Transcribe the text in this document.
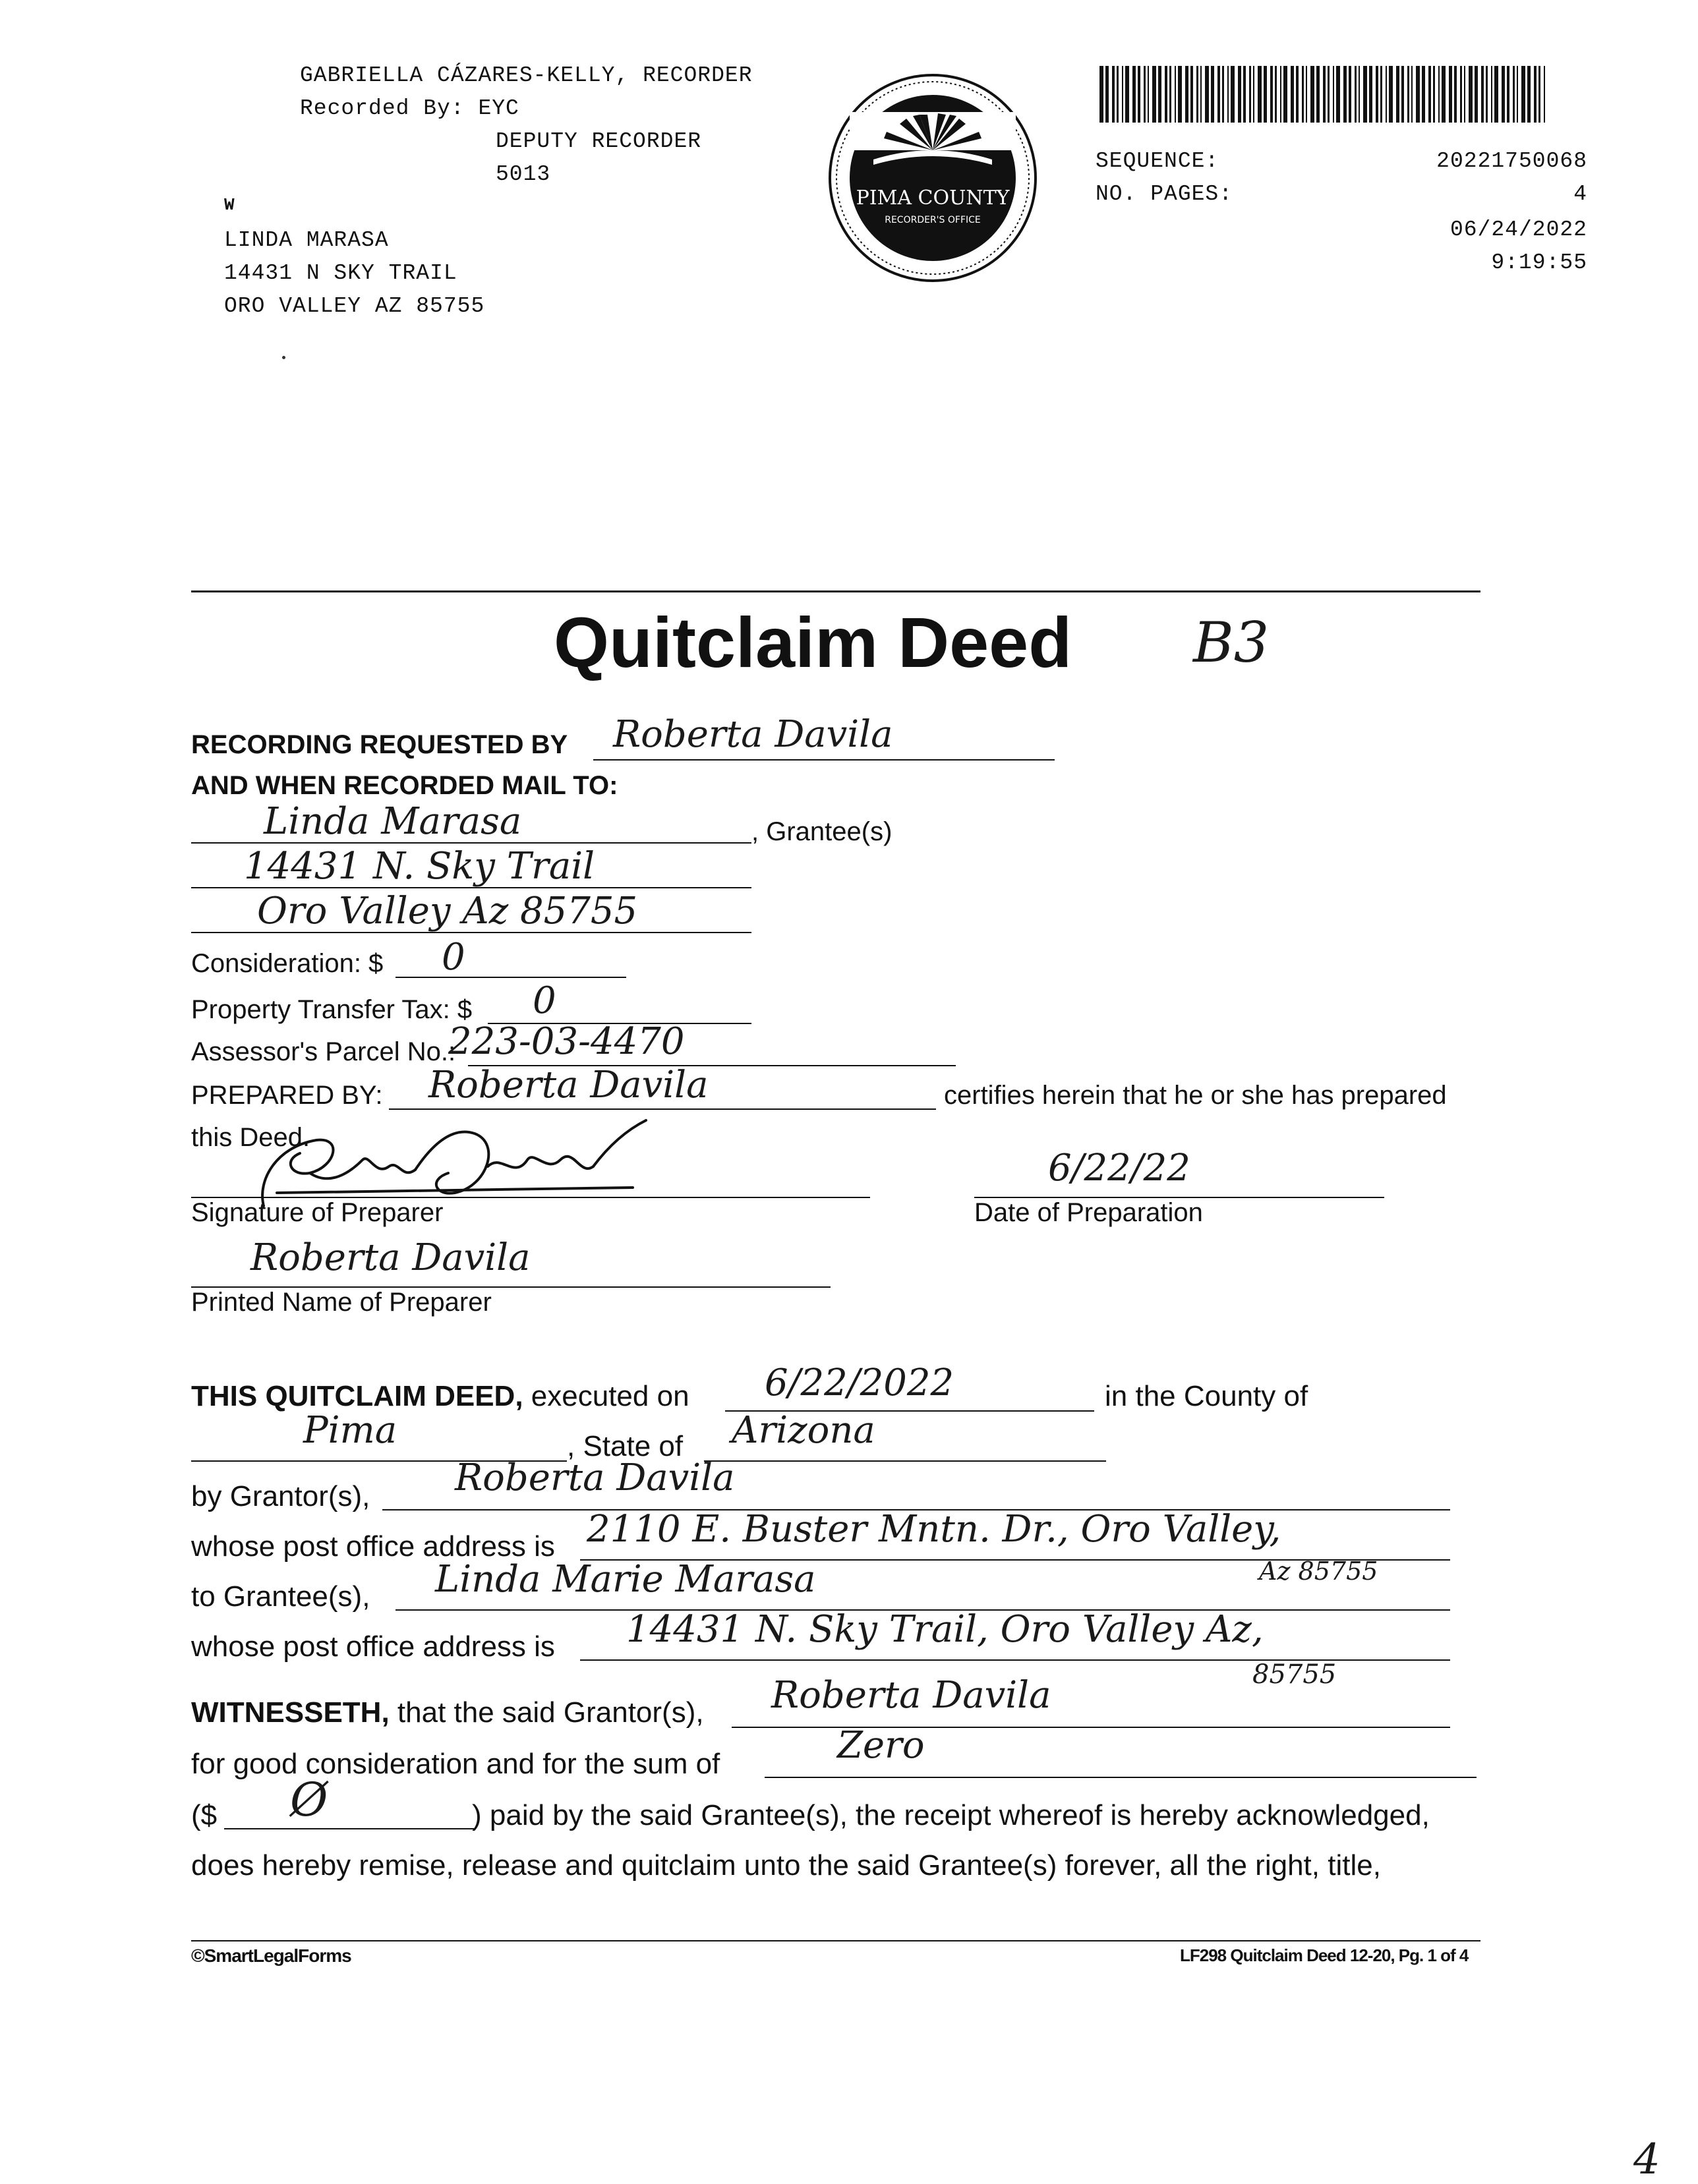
GABRIELLA CÁZARES-KELLY, RECORDER
Recorded By: EYC
DEPUTY RECORDER
5013
W
LINDA MARASA
14431 N SKY TRAIL
ORO VALLEY AZ 85755
PIMA COUNTY
RECORDER'S OFFICE
SEQUENCE:	20221750068
NO. PAGES:	4
06/24/2022
9:19:55
Quitclaim Deed B3
RECORDING REQUESTED BY Roberta Davila
AND WHEN RECORDED MAIL TO:
Linda Marasa	, Grantee(s)
14431 N. Sky Trail
Oro Valley Az 85755
Consideration: $ 0
Property Transfer Tax: $ 0
Assessor's Parcel No.:
223-03-4470
PREPARED BY: Roberta Davila	certifies herein that he or she has prepared
this Deed.
Signature of Preparer
6/22/22
Date of Preparation
Roberta Davila
Printed Name of Preparer
THIS QUITCLAIM DEED, executed on 6/22/2022	in the County of
Pima	, State of Arizona
by Grantor(s), Roberta Davila
whose post office address is 2110 E. Buster Mntn. Dr., Oro Valley,
Az 85755
to Grantee(s), Linda Marie Marasa
whose post office address is 14431 N. Sky Trail, Oro Valley Az,
85755
WITNESSETH, that the said Grantor(s), Roberta Davila
for good consideration and for the sum of	Zero
($ Ø	) paid by the said Grantee(s), the receipt whereof is hereby acknowledged,
does hereby remise, release and quitclaim unto the said Grantee(s) forever, all the right, title,
©SmartLegalForms	LF298 Quitclaim Deed 12-20, Pg. 1 of 4
4
